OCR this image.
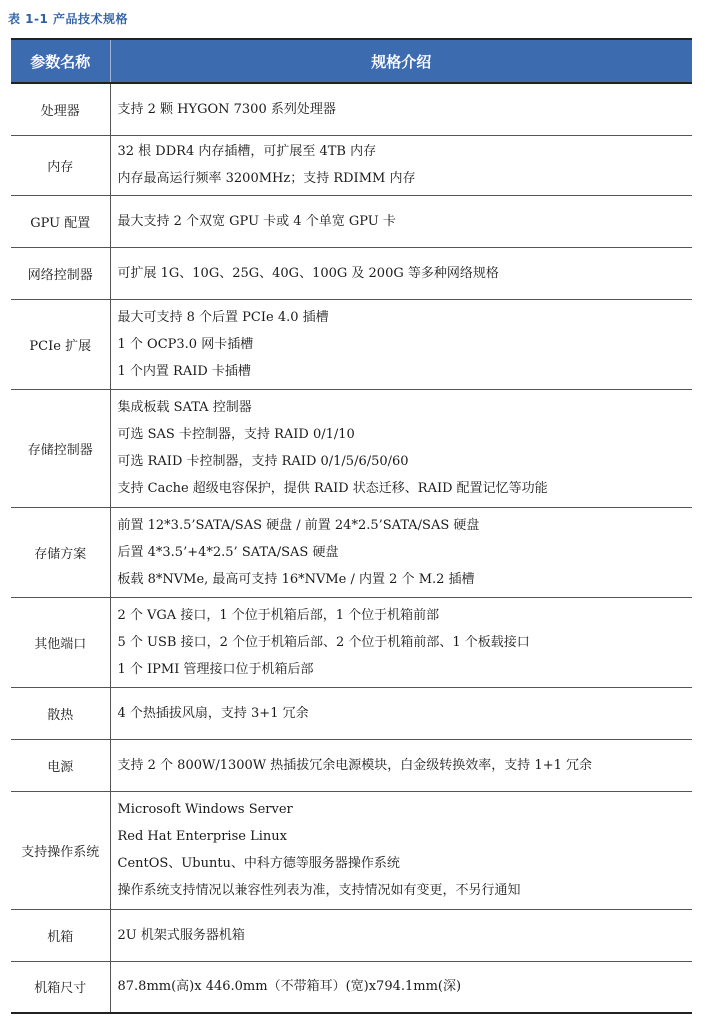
表 1-1 产品技术规格
参数名称	规格介绍
处理器	支持 2 颗 HYGON 7300 系列处理器

内存	32 根 DDR4 内存插槽，可扩展至 4TB 内存
内存最高运行频率 3200MHz；支持 RDIMM 内存

GPU 配置	最大支持 2 个双宽 GPU 卡或 4 个单宽 GPU 卡

网络控制器	可扩展 1G、10G、25G、40G、100G 及 200G 等多种网络规格

PCIe 扩展	最大可支持 8 个后置 PCIe 4.0 插槽
1 个 OCP3.0 网卡插槽
1 个内置 RAID 卡插槽

存储控制器	集成板载 SATA 控制器
可选 SAS 卡控制器，支持 RAID 0/1/10
可选 RAID 卡控制器，支持 RAID 0/1/5/6/50/60
支持 Cache 超级电容保护，提供 RAID 状态迁移、RAID 配置记忆等功能

存储方案	前置 12*3.5’SATA/SAS 硬盘 / 前置 24*2.5’SATA/SAS 硬盘
后置 4*3.5’+4*2.5’ SATA/SAS 硬盘
板载 8*NVMe, 最高可支持 16*NVMe / 内置 2 个 M.2 插槽

其他端口	2 个 VGA 接口，1 个位于机箱后部，1 个位于机箱前部
5 个 USB 接口，2 个位于机箱后部、2 个位于机箱前部、1 个板载接口
1 个 IPMI 管理接口位于机箱后部

散热	4 个热插拔风扇，支持 3+1 冗余

电源	支持 2 个 800W/1300W 热插拔冗余电源模块，白金级转换效率，支持 1+1 冗余

支持操作系统	Microsoft Windows Server
Red Hat Enterprise Linux
CentOS、Ubuntu、中科方德等服务器操作系统
操作系统支持情况以兼容性列表为准，支持情况如有变更，不另行通知

机箱	2U 机架式服务器机箱

机箱尺寸	87.8mm(高)x 446.0mm（不带箱耳）(宽)x794.1mm(深)
